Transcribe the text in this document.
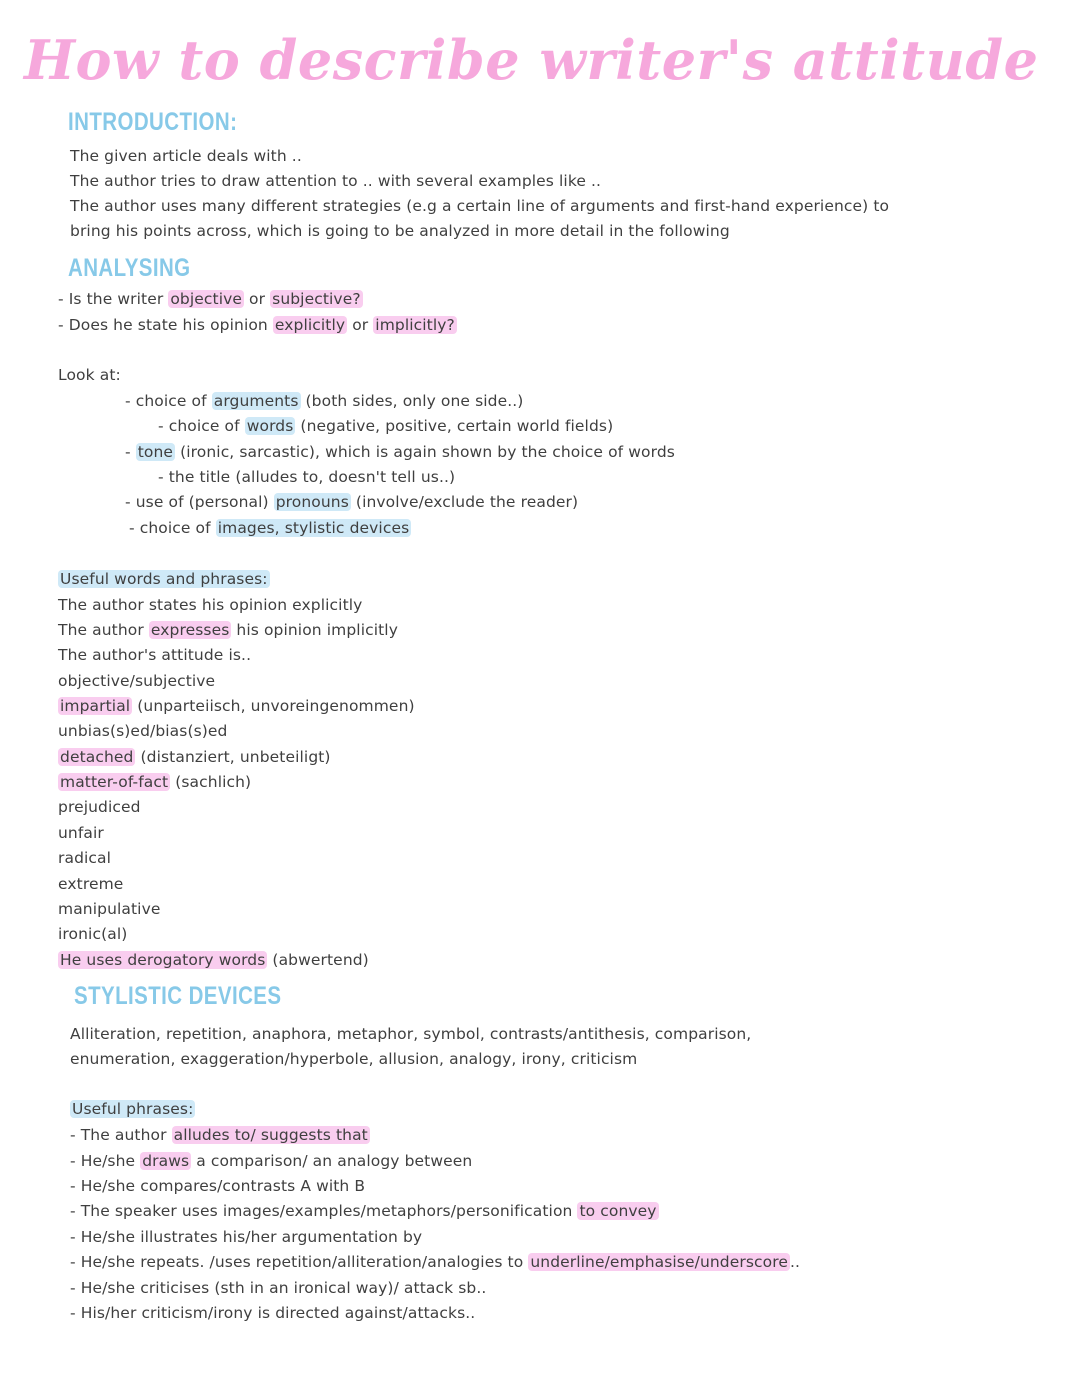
How to describe writer's attitude
INTRODUCTION:
ANALYSING
STYLISTIC DEVICES
The given article deals with ..
The author tries to draw attention to .. with several examples like ..
The author uses many different strategies (e.g a certain line of arguments and first-hand experience) to
bring his points across, which is going to be analyzed in more detail in the following
- Is the writer objective or subjective?
- Does he state his opinion explicitly or implicitly?
Look at:
- choice of arguments (both sides, only one side..)
- choice of words (negative, positive, certain world fields)
- tone (ironic, sarcastic), which is again shown by the choice of words
- the title (alludes to, doesn't tell us..)
- use of (personal) pronouns (involve/exclude the reader)
- choice of images, stylistic devices
Useful words and phrases:
The author states his opinion explicitly
The author expresses his opinion implicitly
The author's attitude is..
objective/subjective
impartial (unparteiisch, unvoreingenommen)
unbias(s)ed/bias(s)ed
detached (distanziert, unbeteiligt)
matter-of-fact (sachlich)
prejudiced
unfair
radical
extreme
manipulative
ironic(al)
He uses derogatory words (abwertend)
Alliteration, repetition, anaphora, metaphor, symbol, contrasts/antithesis, comparison,
enumeration, exaggeration/hyperbole, allusion, analogy, irony, criticism
Useful phrases:
- The author alludes to/ suggests that
- He/she draws a comparison/ an analogy between
- He/she compares/contrasts A with B
- The speaker uses images/examples/metaphors/personification to convey
- He/she illustrates his/her argumentation by
- He/she repeats. /uses repetition/alliteration/analogies to underline/emphasise/underscore ..
- He/she criticises (sth in an ironical way)/ attack sb..
- His/her criticism/irony is directed against/attacks..
